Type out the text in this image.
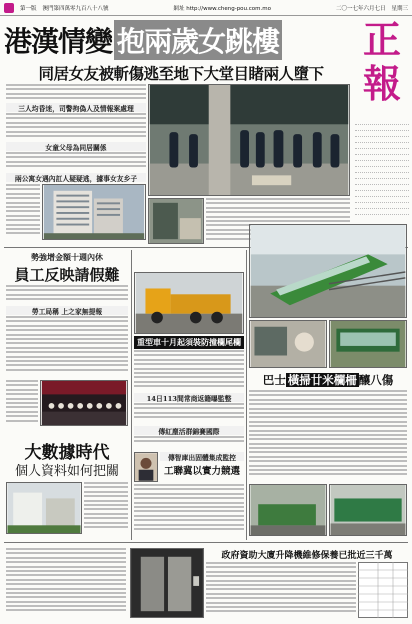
第一版 澳門第四萬零九百八十八號	網址 http://www.cheng-pou.com.mo	二〇一七年六月七日 星期三
港漢情變 抱兩歲女跳樓
同居女友被斬傷逃至地下大堂目睹兩人墮下
正
報
三人均昏迷，司警拘偽人及情報案處理
女童父母為同居關係
兩公寓女遇內訌人疑疑逃，據事女友乡子
勢強增金額十週內休
員工反映請假難
勞工局稱 上之家無提報
大數據時代
個人資料如何把關
重型車十月起須裝防撞欄尾欄
14日113間常商返籍曝監整
傳紅塵活群錦賽國際
傳智庫出固體集成監控
工聯冀以實力競選
巴士 橫掃廿米欄柵 釀八傷
政府資助大廈升降機維修保養已批近三千萬
